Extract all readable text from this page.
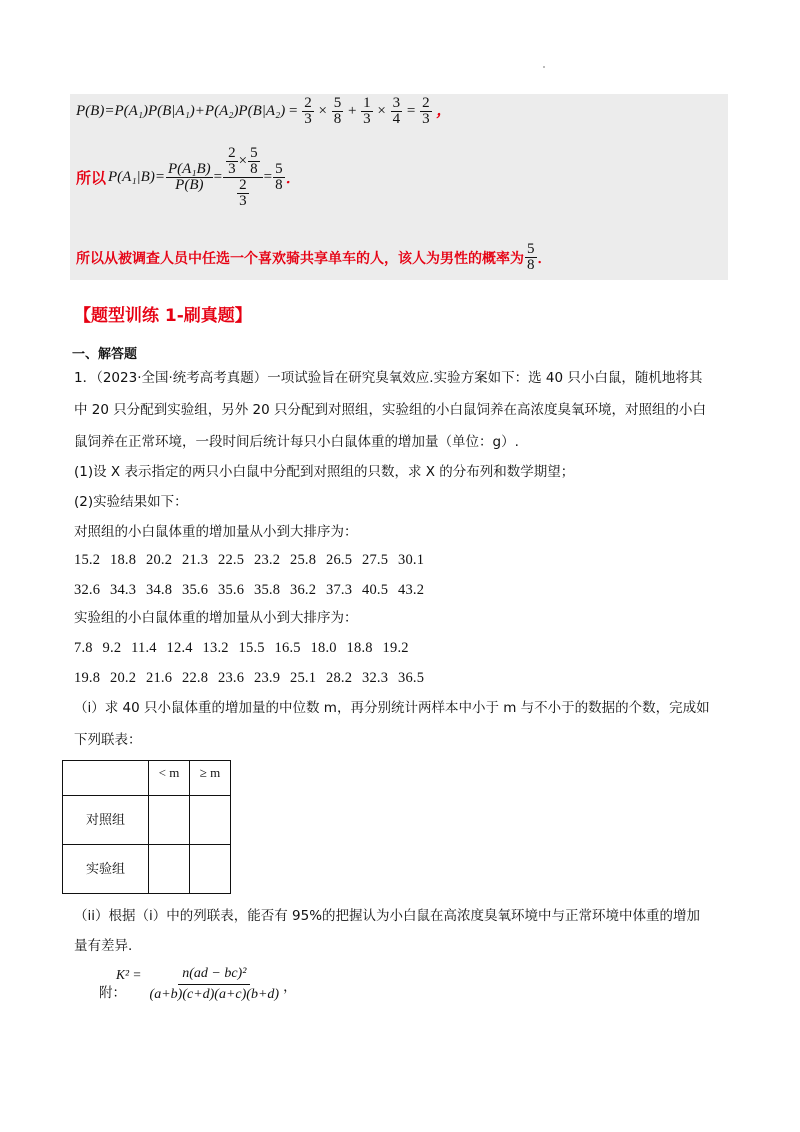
$P(B)=P(A_1)P(B|A_1)+P(A_2)P(B|A_2) = \frac{2}{3} \times \frac{5}{8} + \frac{1}{3} \times \frac{3}{4} = \frac{2}{3}$ ，
所以 $P(A_1|B)= \frac{\text{P(A₁B)}}{P(B)} = \frac{\frac{2}{3} \times \frac{5}{8}}{\frac{2}{3}} = \frac{5}{8}$ ．
所以从被调查人员中任选一个喜欢骑共享单车的人，该人为男性的概率为 $\frac{5}{8}$ ．
【题型训练 1-刷真题】
一、解答题
1．（2023·全国·统考高考真题）一项试验旨在研究臭氧效应.实验方案如下：选 40 只小白鼠，随机地将其
中 20 只分配到实验组，另外 20 只分配到对照组，实验组的小白鼠饲养在高浓度臭氧环境，对照组的小白
鼠饲养在正常环境，一段时间后统计每只小白鼠体重的增加量（单位：g）.
(1)设 X 表示指定的两只小白鼠中分配到对照组的只数，求 X 的分布列和数学期望；
(2)实验结果如下：
对照组的小白鼠体重的增加量从小到大排序为：
15.2 18.8 20.2 21.3 22.5 23.2 25.8 26.5 27.5 30.1
32.6 34.3 34.8 35.6 35.6 35.8 36.2 37.3 40.5 43.2
实验组的小白鼠体重的增加量从小到大排序为：
7.8 9.2 11.4 12.4 13.2 15.5 16.5 18.0 18.8 19.2
19.8 20.2 21.6 22.8 23.6 23.9 25.1 28.2 32.3 36.5
（i）求 40 只小鼠体重的增加量的中位数 m，再分别统计两样本中小于 m 与不小于的数据的个数，完成如
下列联表：
	< m	≥ m
对照组		
实验组		
（ii）根据（i）中的列联表，能否有 95%的把握认为小白鼠在高浓度臭氧环境中与正常环境中体重的增加
量有差异.
附：
$K^2 = \frac{\text{n(ad − bc)²}}{(a+b)(c+d)(a+c)(b+d)}$ ，
